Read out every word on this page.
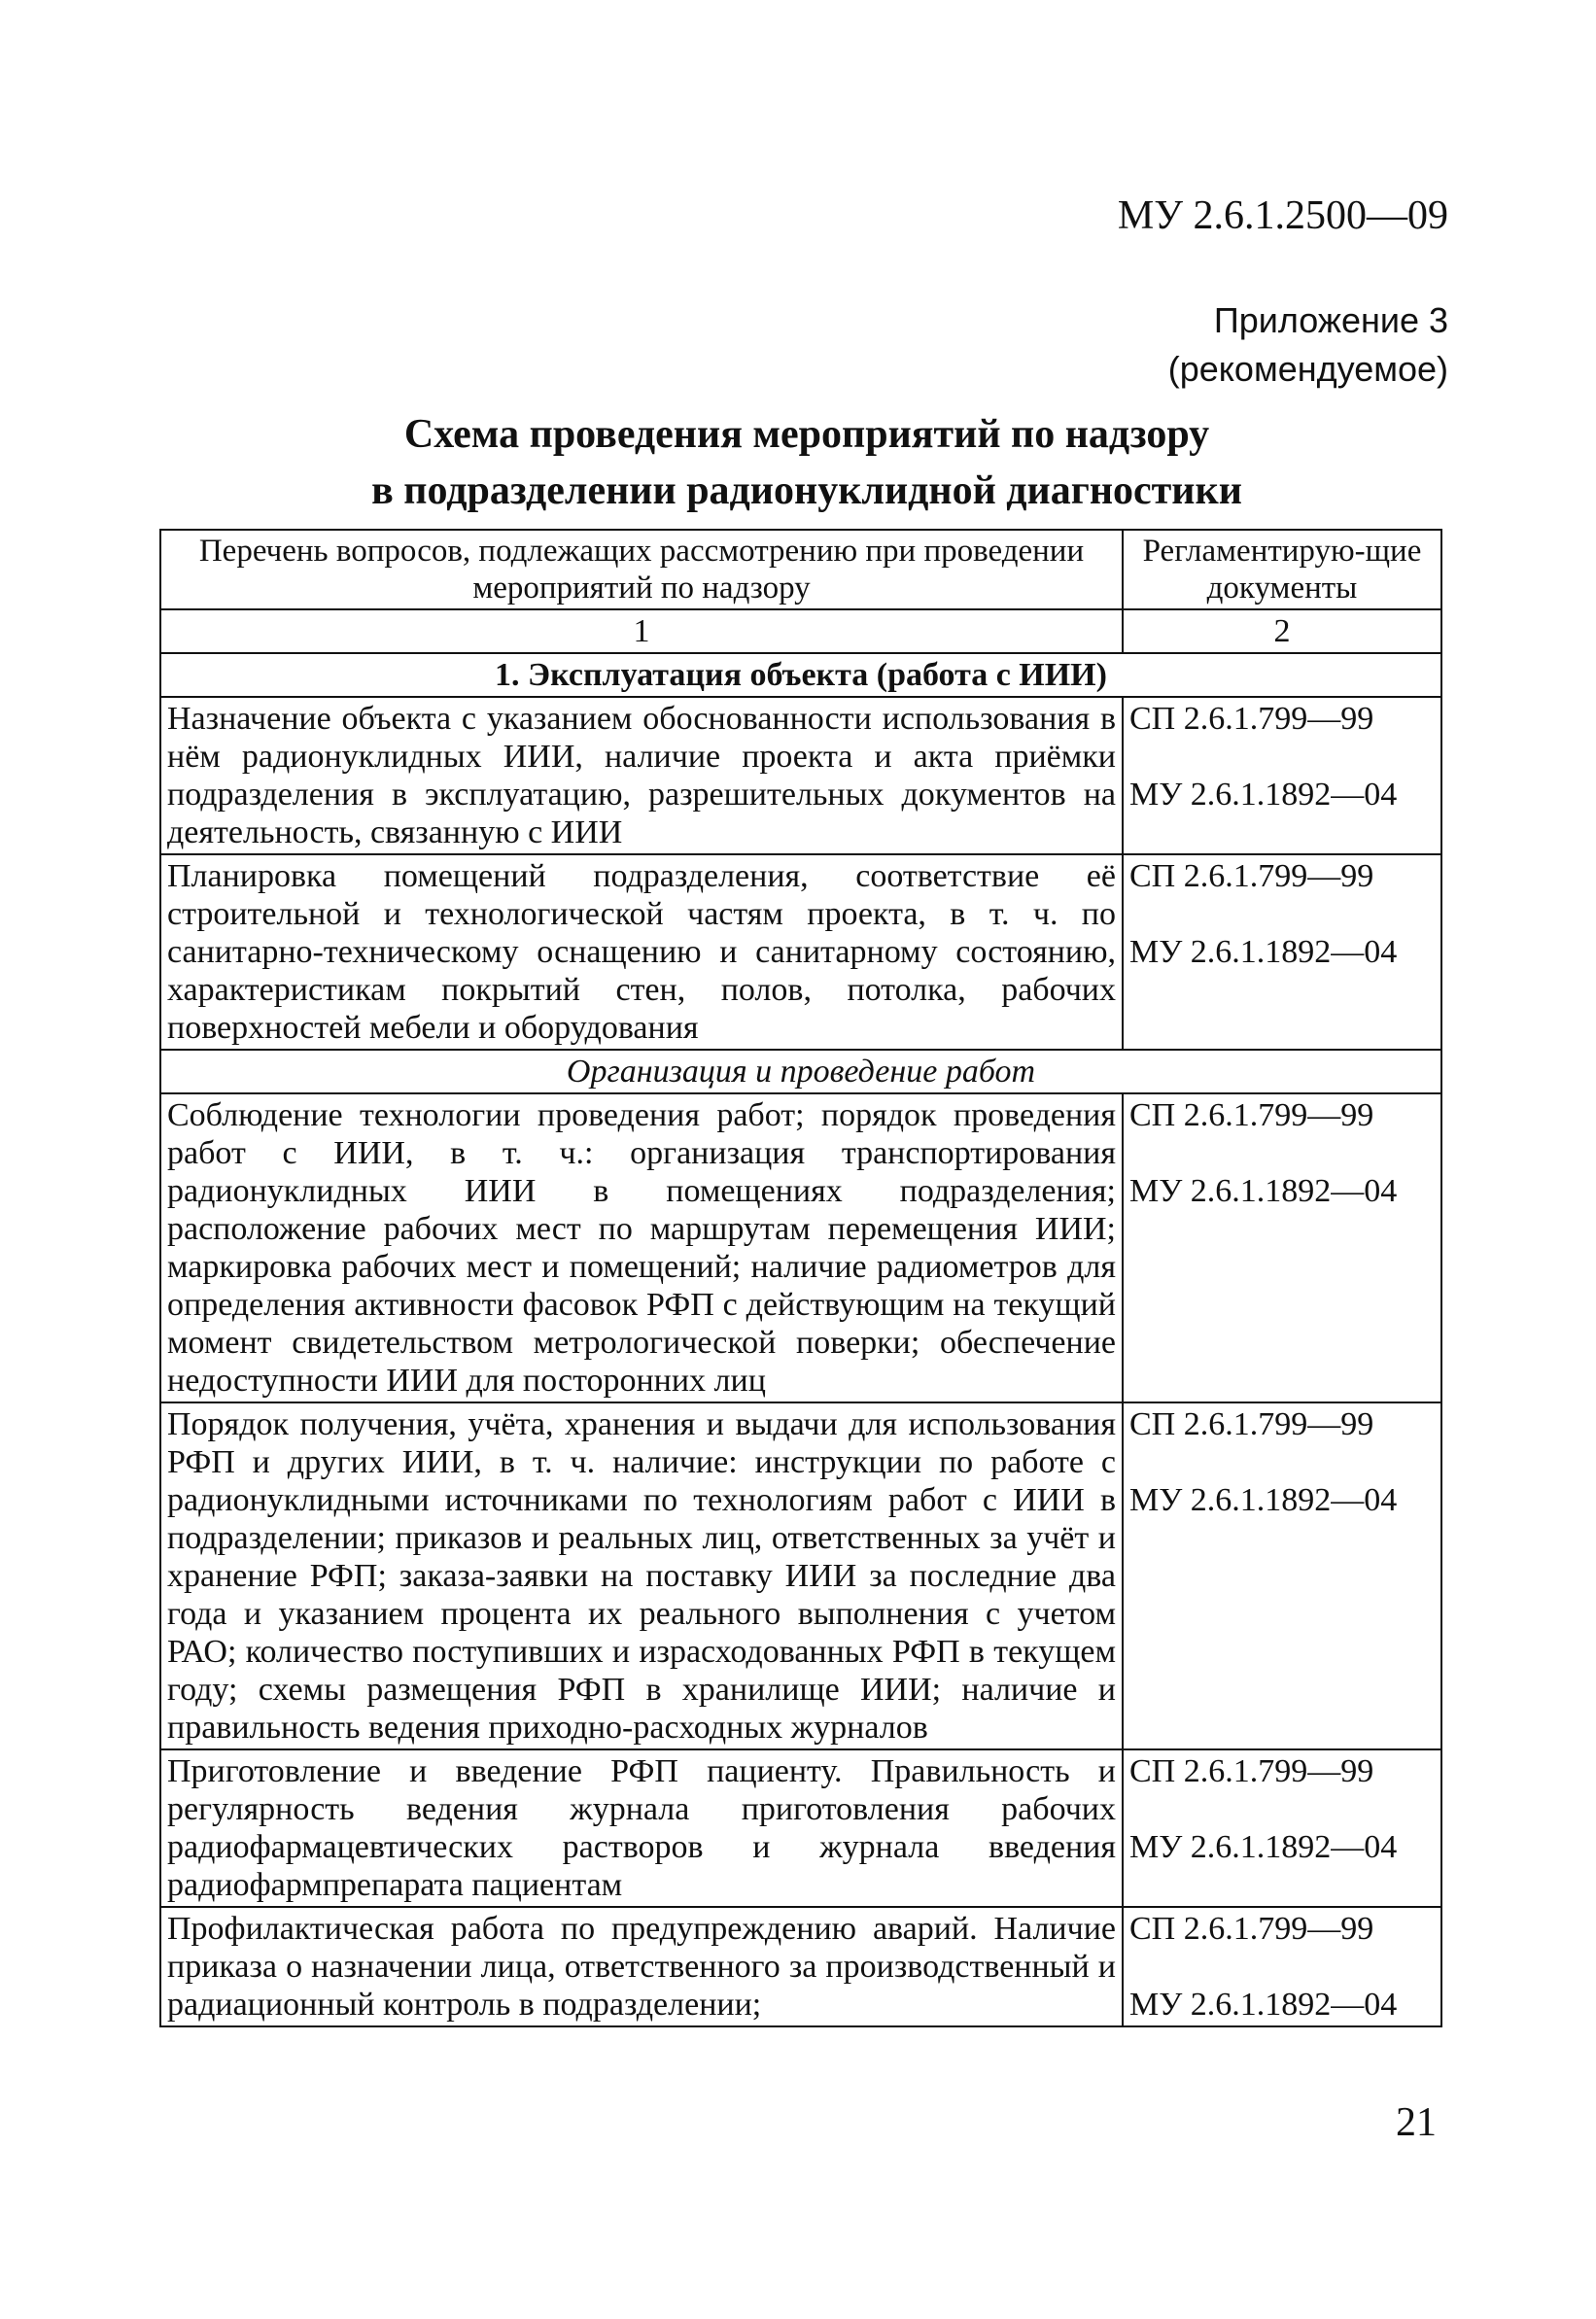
МУ 2.6.1.2500—09
Приложение 3
(рекомендуемое)
Схема проведения мероприятий по надзору
в подразделении радионуклидной диагностики
Перечень вопросов, подлежащих рассмотрению при проведении мероприятий по надзору	Регламентирую-щие документы
1	2
1. Эксплуатация объекта (работа с ИИИ)	
Назначение объекта с указанием обоснованности использования в нём радионуклидных ИИИ, наличие проекта и акта приёмки подразделения в эксплуатацию, разрешительных документов на деятельность, связанную с ИИИ	СП 2.6.1.799—99
МУ 2.6.1.1892—04

Планировка помещений подразделения, соответствие её строительной и технологической частям проекта, в т. ч. по санитарно-техническому оснащению и санитарному состоянию, характеристикам покрытий стен, полов, потолка, рабочих поверхностей мебели и оборудования	СП 2.6.1.799—99
МУ 2.6.1.1892—04

Организация и проведение работ	
Соблюдение технологии проведения работ; порядок проведения работ с ИИИ, в т. ч.: организация транспортирования радионуклидных ИИИ в помещениях подразделения; расположение рабочих мест по маршрутам перемещения ИИИ; маркировка рабочих мест и помещений; наличие радиометров для определения активности фасовок РФП с действующим на текущий момент свидетельством метрологической поверки; обеспечение недоступности ИИИ для посторонних лиц	СП 2.6.1.799—99
МУ 2.6.1.1892—04

Порядок получения, учёта, хранения и выдачи для использования РФП и других ИИИ, в т. ч. наличие: инструкции по работе с радионуклидными источниками по технологиям работ с ИИИ в подразделении; приказов и реальных лиц, ответственных за учёт и хранение РФП; заказа-заявки на поставку ИИИ за последние два года и указанием процента их реального выполнения с учетом РАО; количество поступивших и израсходованных РФП в текущем году; схемы размещения РФП в хранилище ИИИ; наличие и правильность ведения приходно-расходных журналов	СП 2.6.1.799—99
МУ 2.6.1.1892—04

Приготовление и введение РФП пациенту. Правильность и регулярность ведения журнала приготовления рабочих радиофармацевтических растворов и журнала введения радиофармпрепарата пациентам	СП 2.6.1.799—99
МУ 2.6.1.1892—04

Профилактическая работа по предупреждению аварий. Наличие приказа о назначении лица, ответственного за производственный и радиационный контроль в подразделении;	СП 2.6.1.799—99
МУ 2.6.1.1892—04
21
